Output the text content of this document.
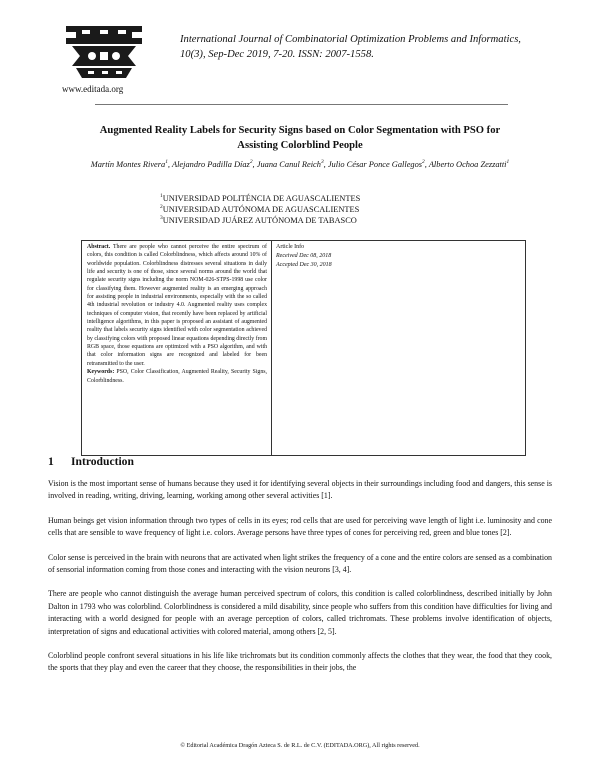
www.editada.org
International Journal of Combinatorial Optimization Problems and Informatics, 10(3), Sep-Dec 2019, 7-20. ISSN: 2007-1558.
Augmented Reality Labels for Security Signs based on Color Segmentation with PSO for Assisting Colorblind People
Martín Montes Rivera$^1$, Alejandro Padilla Díaz$^2$, Juana Canul Reich$^3$, Julio César Ponce Gallegos$^2$, Alberto Ochoa Zezzatti$^1$
$^1$UNIVERSIDAD POLITÉNCIA DE AGUASCALIENTES
$^2$UNIVERSIDAD AUTÓNOMA DE AGUASCALIENTES
$^3$UNIVERSIDAD JUÁREZ AUTÓNOMA DE TABASCO
Abstract. There are people who cannot perceive the entire spectrum of colors, this condition is called Colorblindness, which affects around 10% of worldwide population. Colorblindness distresses several situations in daily life and security is one of those, since several norms around the world that regulate security signs including the norm NOM-026-STPS-1998 use color for classifying them. However augmented reality is an emerging approach for assisting people in industrial environments, especially with the so called 4th industrial revolution or industry 4.0. Augmented reality uses complex techniques of computer vision, that recently have been replaced by artificial intelligence algorithms, in this paper is proposed an assistant of augmented reality that labels security signs identified with color segmentation achieved by classifying colors with proposed linear equations depending directly from RGB space, those equations are optimized with a PSO algorithm, and with that color information signs are recognized and labeled for been retransmitted to the user.
Keywords: PSO, Color Classification, Augmented Reality, Security Signs, Colorblindness.
Article Info
Received Dec 08, 2018
Accepted Dec 30, 2018
1 Introduction

Vision is the most important sense of humans because they used it for identifying several objects in their surroundings including food and dangers, this sense is involved in reading, writing, driving, learning, working among other several activities [1].

Human beings get vision information through two types of cells in its eyes; rod cells that are used for perceiving wave length of light i.e. luminosity and cone cells that are sensible to wave frequency of light i.e. colors. Average persons have three types of cones for perceiving red, green and blue tones [2].

Color sense is perceived in the brain with neurons that are activated when light strikes the frequency of a cone and the entire colors are sensed as a combination of sensorial information coming from those cones and interacting with the vision neurons [3, 4].

There are people who cannot distinguish the average human perceived spectrum of colors, this condition is called colorblindness, described initially by John Dalton in 1793 who was colorblind. Colorblindness is considered a mild disability, since people who suffers from this condition have difficulties for living and interacting with a world designed for people with an average perception of colors, called trichromats. These problems involve identification of objects, interpretation of signs and educational activities with colored material, among others [2, 5].

Colorblind people confront several situations in his life like trichromats but its condition commonly affects the clothes that they wear, the food that they cook, the sports that they play and even the career that they choose, the responsibilities in their jobs, the

© Editorial Académica Dragón Azteca S. de R.L. de C.V. (EDITADA.ORG), All rights reserved.
